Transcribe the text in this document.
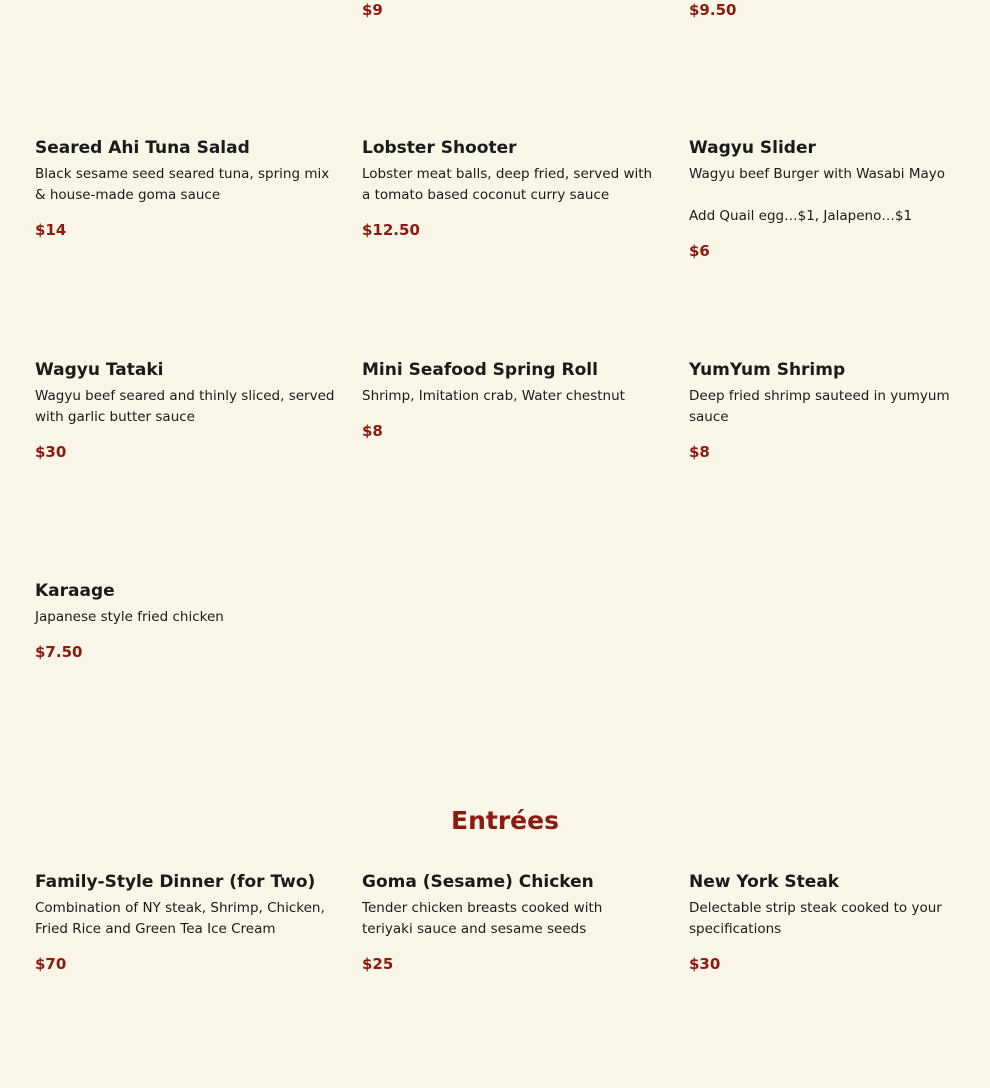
$9	$9.50
Seared Ahi Tuna Salad
Black sesame seed seared tuna, spring mix & house-made goma sauce
$14
Lobster Shooter
Lobster meat balls, deep fried, served with a tomato based coconut curry sauce
$12.50
Wagyu Slider
Wagyu beef Burger with Wasabi Mayo

Add Quail egg…$1, Jalapeno…$1
$6
Wagyu Tataki
Wagyu beef seared and thinly sliced, served with garlic butter sauce
$30
Mini Seafood Spring Roll
Shrimp, Imitation crab, Water chestnut
$8
YumYum Shrimp
Deep fried shrimp sauteed in yumyum sauce
$8
Karaage
Japanese style fried chicken
$7.50
Entrées
Family-Style Dinner (for Two)
Combination of NY steak, Shrimp, Chicken, Fried Rice and Green Tea Ice Cream
$70
Goma (Sesame) Chicken
Tender chicken breasts cooked with teriyaki sauce and sesame seeds
$25
New York Steak
Delectable strip steak cooked to your specifications
$30
